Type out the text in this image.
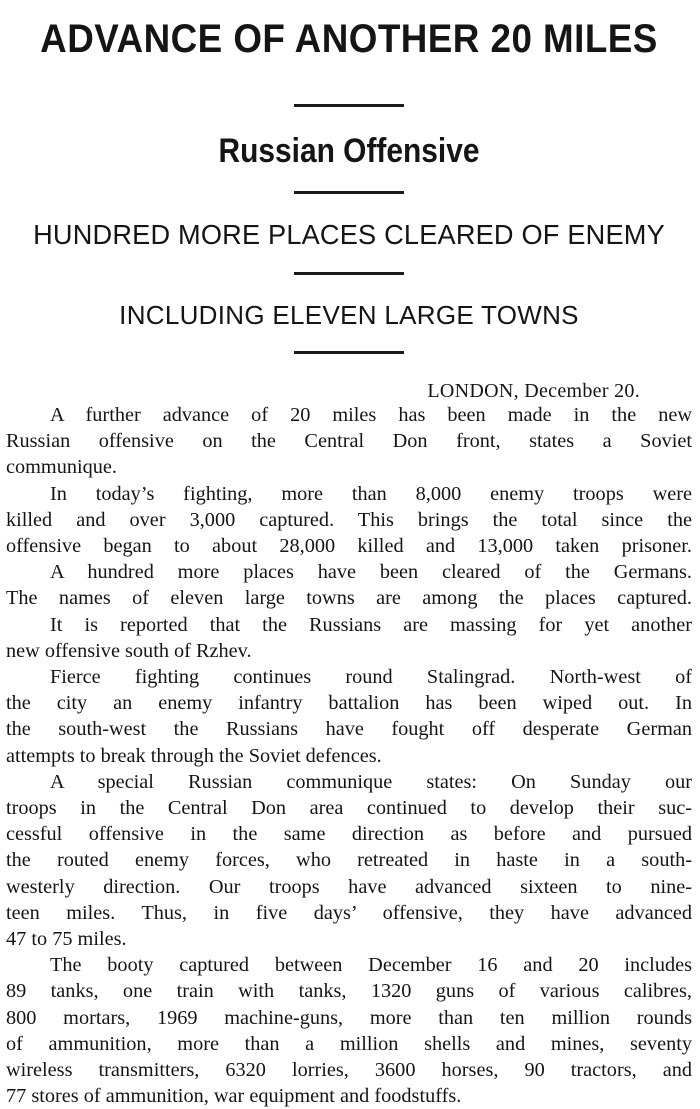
ADVANCE OF ANOTHER 20 MILES
Russian Offensive
HUNDRED MORE PLACES CLEARED OF ENEMY
INCLUDING ELEVEN LARGE TOWNS
LONDON, December 20.
A further advance of 20 miles has been made in the new
Russian offensive on the Central Don front, states a Soviet
communique.
In today’s fighting, more than 8,000 enemy troops were
killed and over 3,000 captured. This brings the total since the
offensive began to about 28,000 killed and 13,000 taken prisoner.
A hundred more places have been cleared of the Germans.
The names of eleven large towns are among the places captured.
It is reported that the Russians are massing for yet another
new offensive south of Rzhev.
Fierce fighting continues round Stalingrad. North-west of
the city an enemy infantry battalion has been wiped out. In
the south-west the Russians have fought off desperate German
attempts to break through the Soviet defences.
A special Russian communique states: On Sunday our
troops in the Central Don area continued to develop their suc-
cessful offensive in the same direction as before and pursued
the routed enemy forces, who retreated in haste in a south-
westerly direction. Our troops have advanced sixteen to nine-
teen miles. Thus, in five days’ offensive, they have advanced
47 to 75 miles.
The booty captured between December 16 and 20 includes
89 tanks, one train with tanks, 1320 guns of various calibres,
800 mortars, 1969 machine-guns, more than ten million rounds
of ammunition, more than a million shells and mines, seventy
wireless transmitters, 6320 lorries, 3600 horses, 90 tractors, and
77 stores of ammunition, war equipment and foodstuffs.
